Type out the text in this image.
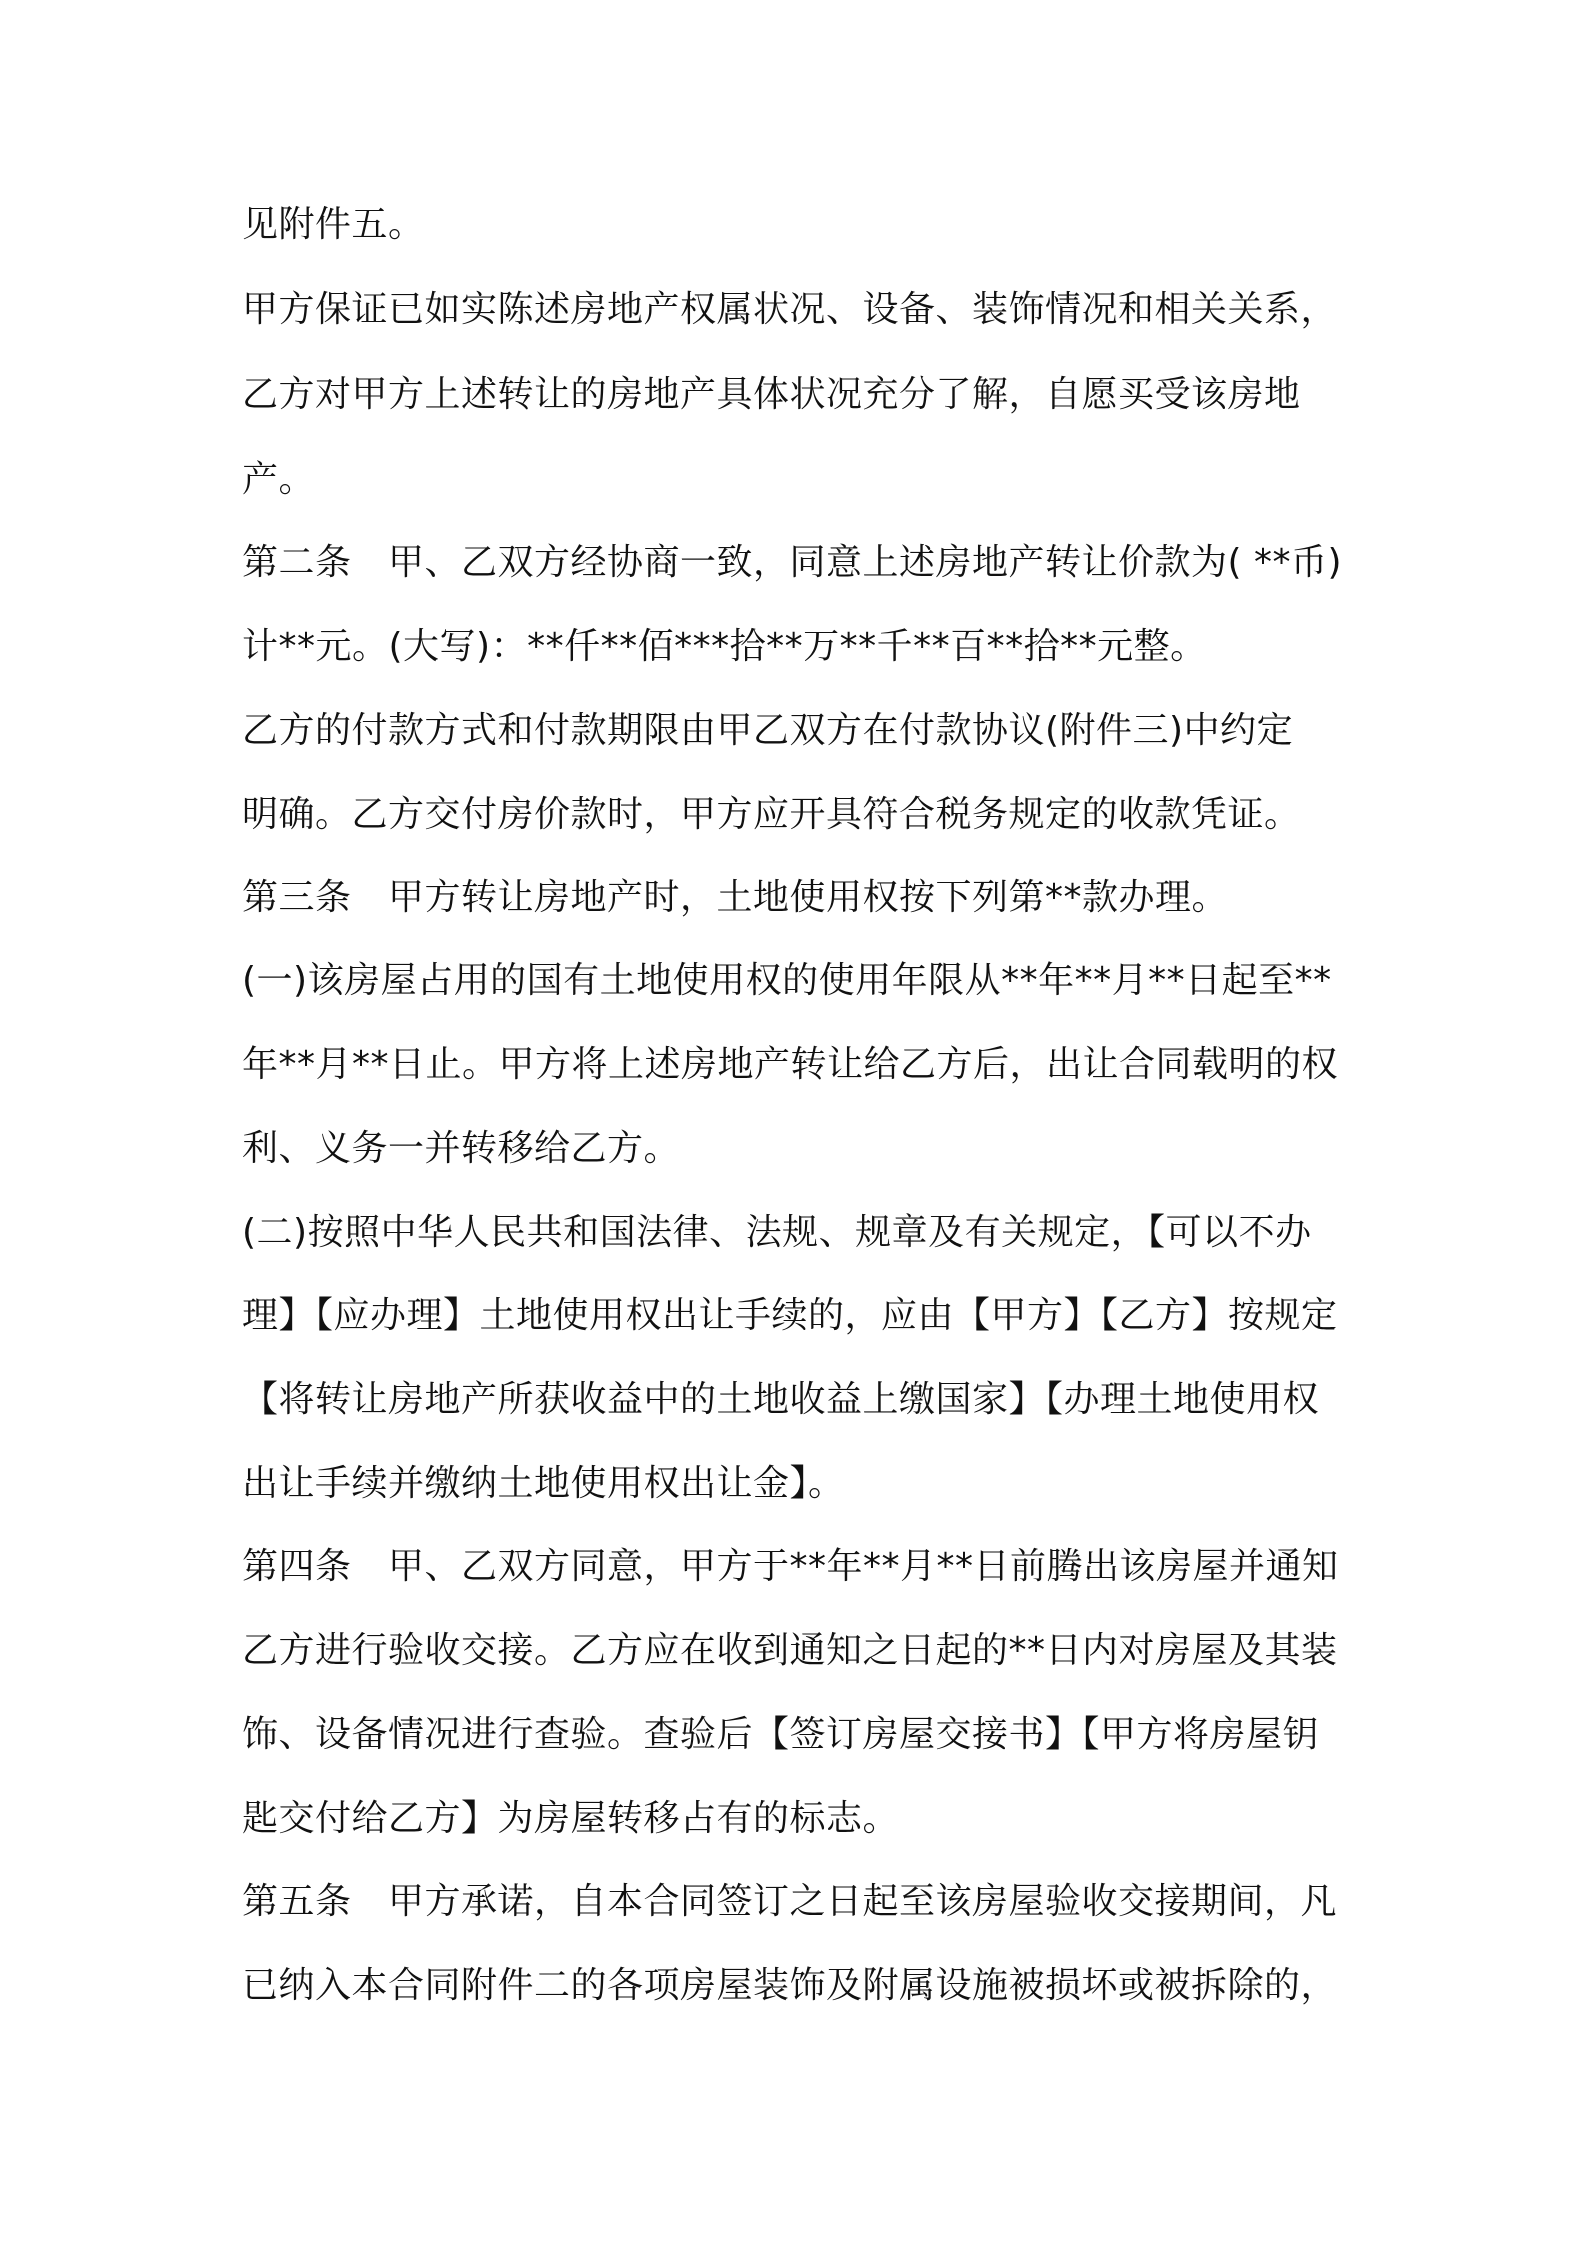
见附件五。
甲方保证已如实陈述房地产权属状况、设备、装饰情况和相关关系，
乙方对甲方上述转让的房地产具体状况充分了解，自愿买受该房地
产。
第二条　甲、乙双方经协商一致，同意上述房地产转让价款为( **币)
计**元。(大写)：**仟**佰***拾**万**千**百**拾**元整。
乙方的付款方式和付款期限由甲乙双方在付款协议(附件三)中约定
明确。乙方交付房价款时，甲方应开具符合税务规定的收款凭证。
第三条　甲方转让房地产时，土地使用权按下列第**款办理。
(一)该房屋占用的国有土地使用权的使用年限从**年**月**日起至**
年**月**日止。甲方将上述房地产转让给乙方后，出让合同载明的权
利、义务一并转移给乙方。
(二)按照中华人民共和国法律、法规、规章及有关规定，【可以不办
理】【应办理】土地使用权出让手续的，应由【甲方】【乙方】按规定
【将转让房地产所获收益中的土地收益上缴国家】【办理土地使用权
出让手续并缴纳土地使用权出让金】。
第四条　甲、乙双方同意，甲方于**年**月**日前腾出该房屋并通知
乙方进行验收交接。乙方应在收到通知之日起的**日内对房屋及其装
饰、设备情况进行查验。查验后【签订房屋交接书】【甲方将房屋钥
匙交付给乙方】为房屋转移占有的标志。
第五条　甲方承诺，自本合同签订之日起至该房屋验收交接期间，凡
已纳入本合同附件二的各项房屋装饰及附属设施被损坏或被拆除的，
